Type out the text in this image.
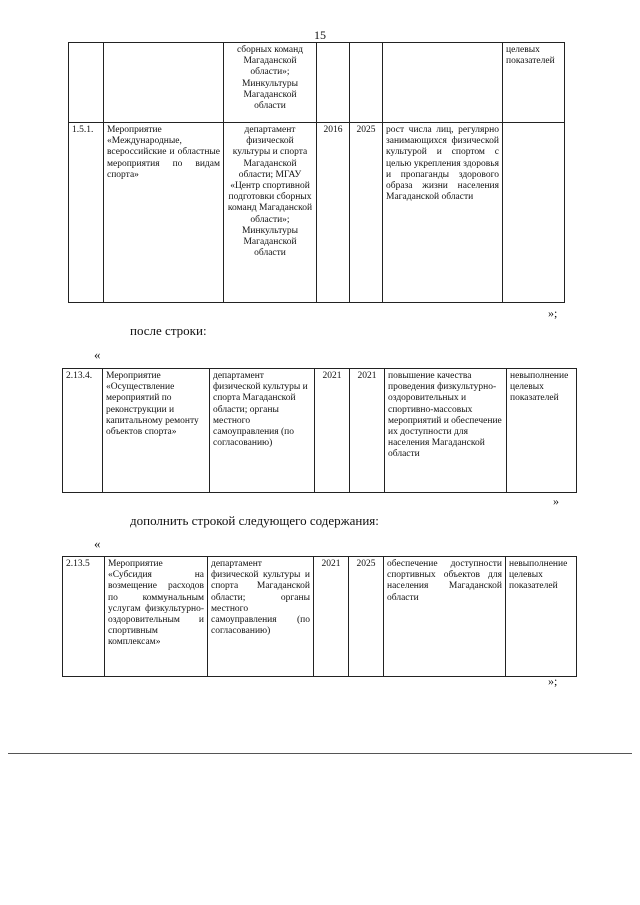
15
		сборных команд Магаданской области»; Минкультуры Магаданской области				целевых показателей
1.5.1.	Мероприятие «Международные, всероссийские и областные мероприятия по видам спорта»	департамент физической культуры и спорта Магаданской области; МГАУ «Центр спортивной подготовки сборных команд Магаданской области»; Минкультуры Магаданской области	2016	2025	рост числа лиц, регулярно занимающихся физической культурой и спортом с целью укрепления здоровья и пропаганды здорового образа жизни населения Магаданской области	
»;
после строки:
«
2.13.4.	Мероприятие «Осуществление мероприятий по реконструкции и капитальному ремонту объектов спорта»	департамент физической культуры и спорта Магаданской области; органы местного самоуправления (по согласованию)	2021	2021	повышение качества проведения физкультурно-оздоровительных и спортивно-массовых мероприятий и обеспечение их доступности для населения Магаданской области	невыполнение целевых показателей
»
дополнить строкой следующего содержания:
«
2.13.5	Мероприятие «Субсидия на возмещение расходов по коммунальным услугам физкультурно-оздоровительным и спортивным комплексам»	департамент физической культуры и спорта Магаданской области; органы местного самоуправления (по согласованию)	2021	2025	обеспечение доступности спортивных объектов для населения Магаданской области	невыполнение целевых показателей
»;
